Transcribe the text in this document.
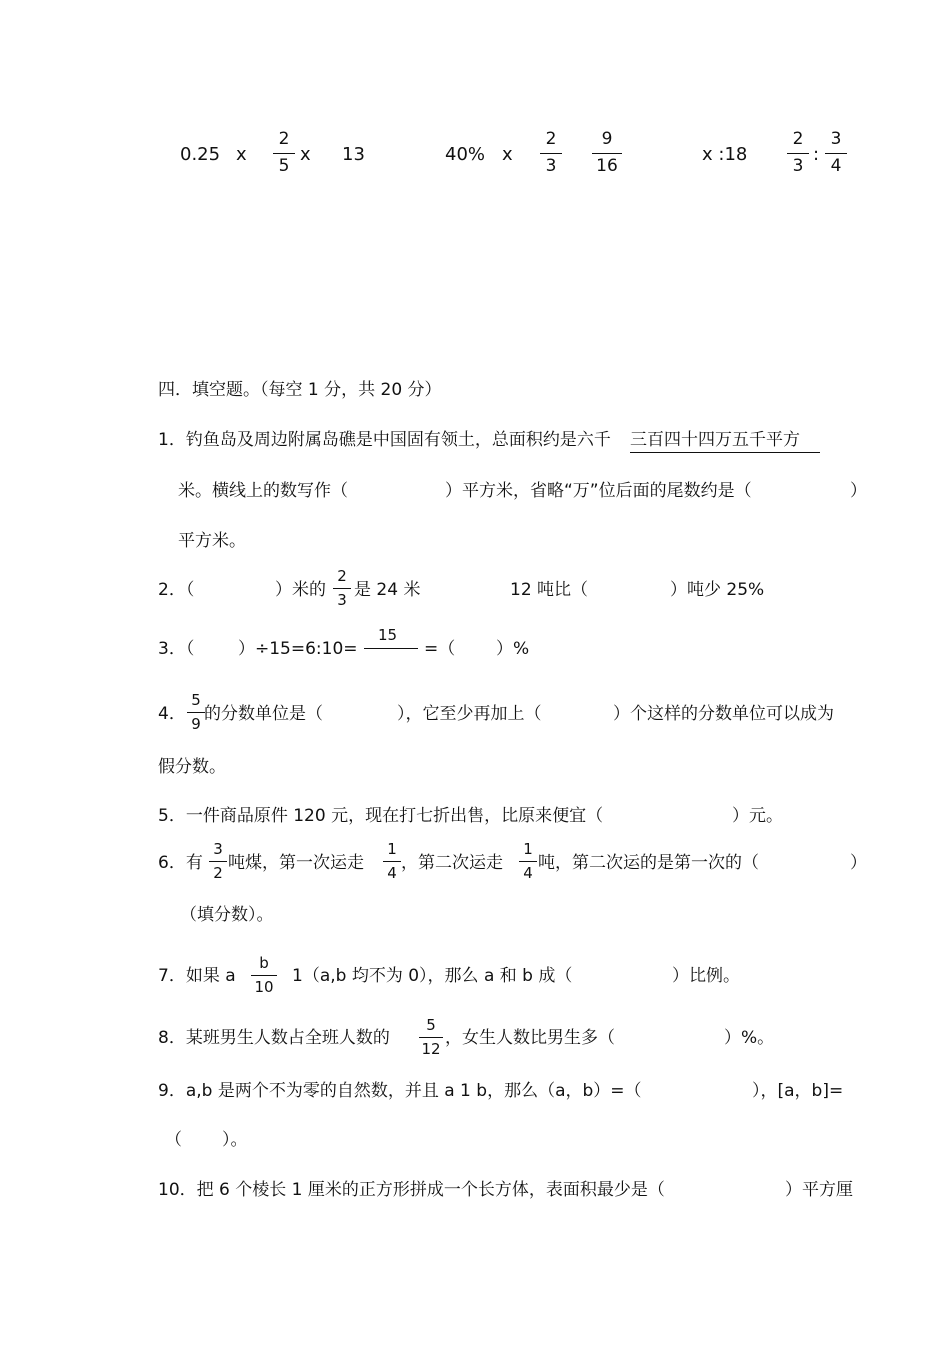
0.25 x
2
5
x 13	40% x
2
3
9
16
x :18
2
3
:
3
4
四．填空题。（每空 1 分，共 20 分）
1．钓鱼岛及周边附属岛礁是中国固有领土，总面积约是六千 三百四十四万五千平方
米。横线上的数写作（	）平方米，省略“万”位后面的尾数约是（	）
平方米。
2．（	）米的
2
3 是 24 米	12 吨比（	）吨少 25%
3．（	）÷15=6:10=
15
=（ ）%
4．
5
9 的分数单位是（	），它至少再加上（	）个这样的分数单位可以成为
假分数。
5．一件商品原件 120 元，现在打七折出售，比原来便宜（	）元。
6．有
3
2 吨煤，第一次运走
1
4 ，第二次运走
1
4 吨，第二次运的是第一次的（	）
（填分数）。
7．如果 a
b
10
1（a,b 均不为 0），那么 a 和 b 成（	）比例。
8．某班男生人数占全班人数的
5
12
，女生人数比男生多（	）%。
9．a,b 是两个不为零的自然数，并且 a 1 b，那么（a，b）=（	），[a，b]=
（ ）。
10．把 6 个棱长 1 厘米的正方形拼成一个长方体，表面积最少是（	）平方厘
